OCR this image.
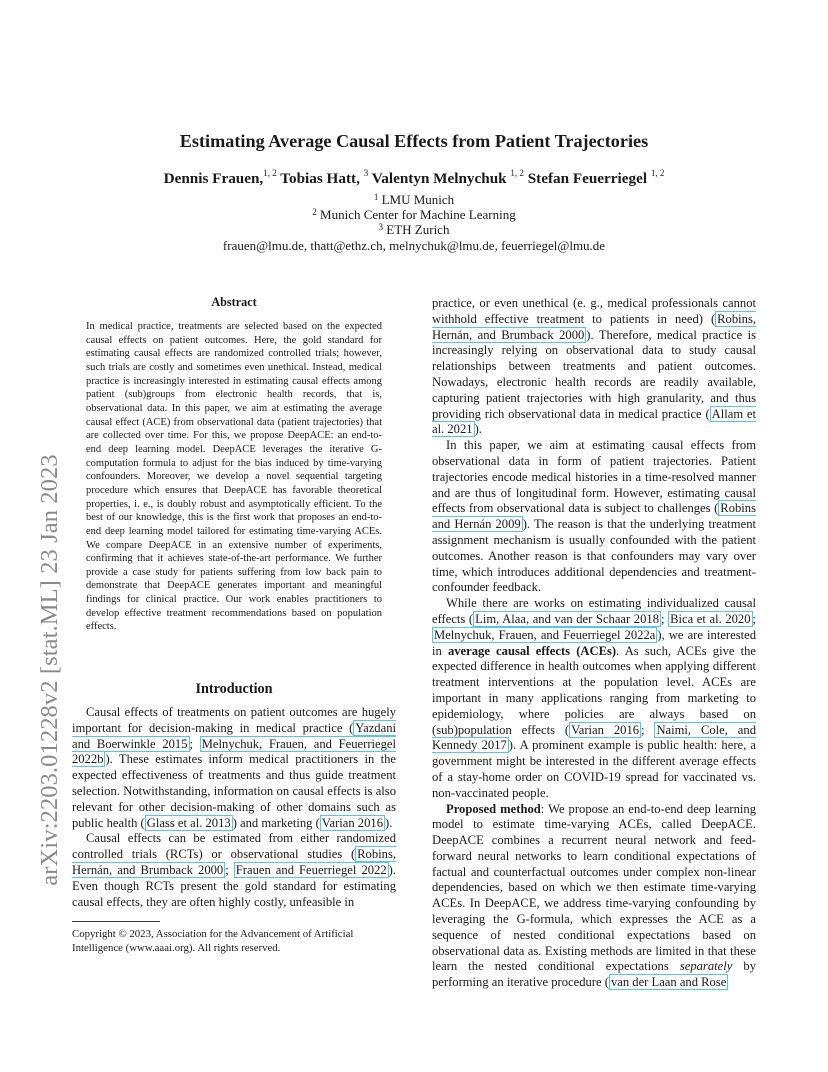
arXiv:2203.01228v2 [stat.ML] 23 Jan 2023
Estimating Average Causal Effects from Patient Trajectories
Dennis Frauen,$^{1, 2}$ Tobias Hatt, $^3$ Valentyn Melnychuk $^{1, 2}$ Stefan Feuerriegel $^{1, 2}$
$^1$ LMU Munich
$^2$ Munich Center for Machine Learning
$^3$ ETH Zurich
frauen@lmu.de, thatt@ethz.ch, melnychuk@lmu.de, feuerriegel@lmu.de
Abstract
In medical practice, treatments are selected based on the expected causal effects on patient outcomes. Here, the gold standard for estimating causal effects are randomized controlled trials; however, such trials are costly and sometimes even unethical. Instead, medical practice is increasingly interested in estimating causal effects among patient (sub)groups from electronic health records, that is, observational data. In this paper, we aim at estimating the average causal effect (ACE) from observational data (patient trajectories) that are collected over time. For this, we propose DeepACE: an end-to-end deep learning model. DeepACE leverages the iterative G-computation formula to adjust for the bias induced by time-varying confounders. Moreover, we develop a novel sequential targeting procedure which ensures that DeepACE has favorable theoretical properties, i. e., is doubly robust and asymptotically efficient. To the best of our knowledge, this is the first work that proposes an end-to-end deep learning model tailored for estimating time-varying ACEs. We compare DeepACE in an extensive number of experiments, confirming that it achieves state-of-the-art performance. We further provide a case study for patients suffering from low back pain to demonstrate that DeepACE generates important and meaningful findings for clinical practice. Our work enables practitioners to develop effective treatment recommendations based on population effects.
Introduction

Causal effects of treatments on patient outcomes are hugely important for decision-making in medical practice ( Yazdani and Boerwinkle 2015 ; Melnychuk, Frauen, and Feuerriegel 2022b ). These estimates inform medical practitioners in the expected effectiveness of treatments and thus guide treatment selection. Notwithstanding, information on causal effects is also relevant for other decision-making of other domains such as public health ( Glass et al. 2013 ) and marketing ( Varian 2016 ).

Causal effects can be estimated from either randomized controlled trials (RCTs) or observational studies ( Robins, Hernán, and Brumback 2000 ; Frauen and Feuerriegel 2022 ). Even though RCTs present the gold standard for estimating causal effects, they are often highly costly, unfeasible in

Copyright © 2023, Association for the Advancement of Artificial Intelligence (www.aaai.org). All rights reserved.

practice, or even unethical (e. g., medical professionals cannot withhold effective treatment to patients in need) ( Robins, Hernán, and Brumback 2000 ). Therefore, medical practice is increasingly relying on observational data to study causal relationships between treatments and patient outcomes. Nowadays, electronic health records are readily available, capturing patient trajectories with high granularity, and thus providing rich observational data in medical practice ( Allam et al. 2021 ).

In this paper, we aim at estimating causal effects from observational data in form of patient trajectories. Patient trajectories encode medical histories in a time-resolved manner and are thus of longitudinal form. However, estimating causal effects from observational data is subject to challenges ( Robins and Hernán 2009 ). The reason is that the underlying treatment assignment mechanism is usually confounded with the patient outcomes. Another reason is that confounders may vary over time, which introduces additional dependencies and treatment-confounder feedback.

While there are works on estimating individualized causal effects ( Lim, Alaa, and van der Schaar 2018 ; Bica et al. 2020 ; Melnychuk, Frauen, and Feuerriegel 2022a ), we are interested in average causal effects (ACEs). As such, ACEs give the expected difference in health outcomes when applying different treatment interventions at the population level. ACEs are important in many applications ranging from marketing to epidemiology, where policies are always based on (sub)population effects ( Varian 2016 ; Naimi, Cole, and Kennedy 2017 ). A prominent example is public health: here, a government might be interested in the different average effects of a stay-home order on COVID-19 spread for vaccinated vs. non-vaccinated people.

Proposed method: We propose an end-to-end deep learning model to estimate time-varying ACEs, called DeepACE. DeepACE combines a recurrent neural network and feed-forward neural networks to learn conditional expectations of factual and counterfactual outcomes under complex non-linear dependencies, based on which we then estimate time-varying ACEs. In DeepACE, we address time-varying confounding by leveraging the G-formula, which expresses the ACE as a sequence of nested conditional expectations based on observational data as. Existing methods are limited in that these learn the nested conditional expectations separately by performing an iterative procedure ( van der Laan and Rose
